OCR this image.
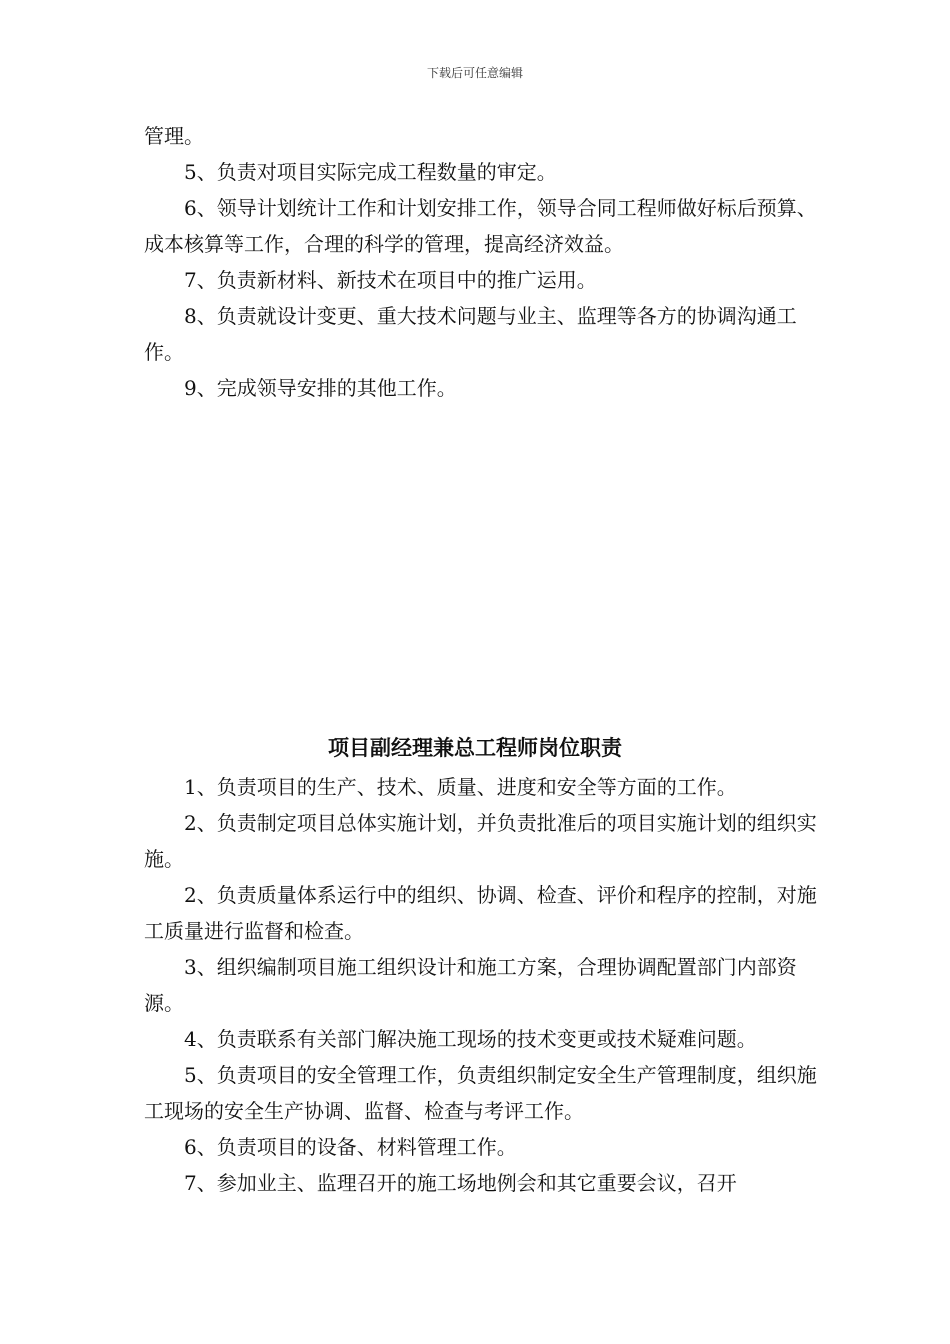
下载后可任意编辑

管理。

5、负责对项目实际完成工程数量的审定。

6、领导计划统计工作和计划安排工作，领导合同工程师做好标后预算、成本核算等工作，合理的科学的管理，提高经济效益。

7、负责新材料、新技术在项目中的推广运用。

8、负责就设计变更、重大技术问题与业主、监理等各方的协调沟通工作。

9、完成领导安排的其他工作。

项目副经理兼总工程师岗位职责

1、负责项目的生产、技术、质量、进度和安全等方面的工作。

2、负责制定项目总体实施计划，并负责批准后的项目实施计划的组织实施。

2、负责质量体系运行中的组织、协调、检查、评价和程序的控制，对施工质量进行监督和检查。

3、组织编制项目施工组织设计和施工方案，合理协调配置部门内部资源。

4、负责联系有关部门解决施工现场的技术变更或技术疑难问题。

5、负责项目的安全管理工作，负责组织制定安全生产管理制度，组织施工现场的安全生产协调、监督、检查与考评工作。

6、负责项目的设备、材料管理工作。

7、参加业主、监理召开的施工场地例会和其它重要会议，召开
